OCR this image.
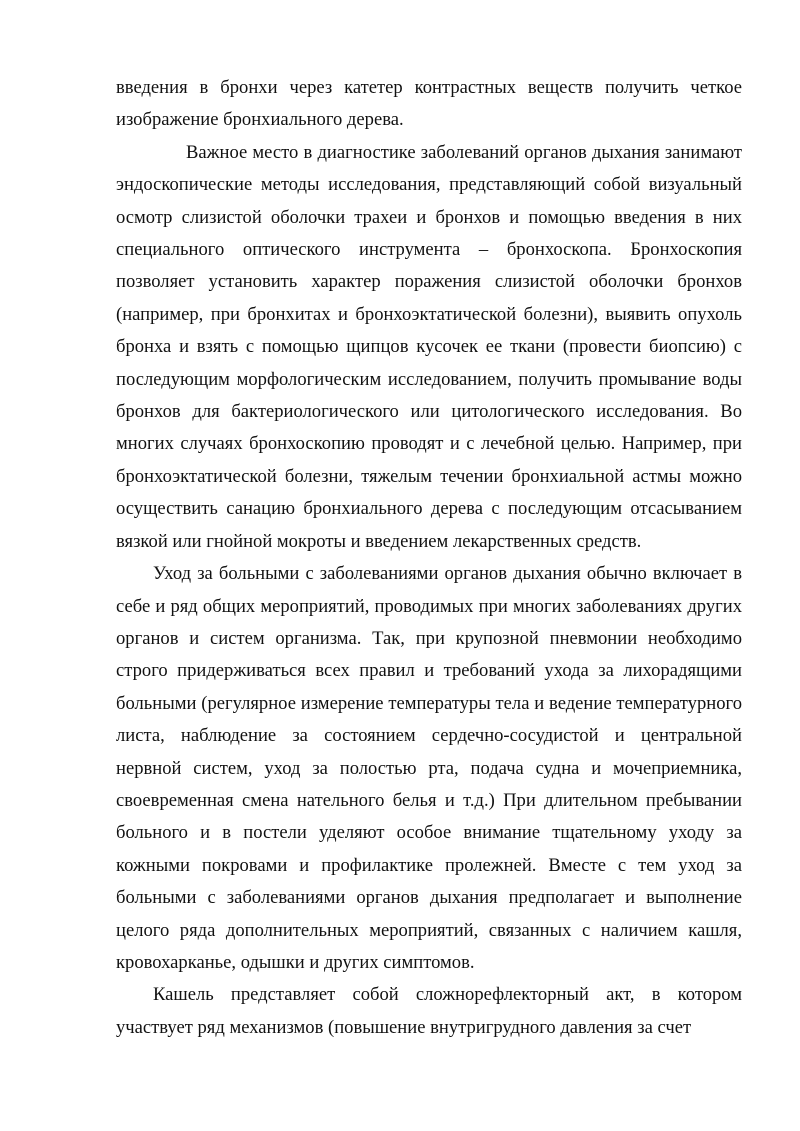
введения в бронхи через катетер контрастных веществ получить четкое изображение бронхиального дерева.

Важное место в диагностике заболеваний органов дыхания занимают эндоскопические методы исследования, представляющий собой визуальный осмотр слизистой оболочки трахеи и бронхов и помощью введения в них специального оптического инструмента – бронхоскопа. Бронхоскопия позволяет установить характер поражения слизистой оболочки бронхов (например, при бронхитах и бронхоэктатической болезни), выявить опухоль бронха и взять с помощью щипцов кусочек ее ткани (провести биопсию) с последующим морфологическим исследованием, получить промывание воды бронхов для бактериологического или цитологического исследования. Во многих случаях бронхоскопию проводят и с лечебной целью. Например, при бронхоэктатической болезни, тяжелым течении бронхиальной астмы можно осуществить санацию бронхиального дерева с последующим отсасыванием вязкой или гнойной мокроты и введением лекарственных средств.

Уход за больными с заболеваниями органов дыхания обычно включает в себе и ряд общих мероприятий, проводимых при многих заболеваниях других органов и систем организма. Так, при крупозной пневмонии необходимо строго придерживаться всех правил и требований ухода за лихорадящими больными (регулярное измерение температуры тела и ведение температурного листа, наблюдение за состоянием сердечно-сосудистой и центральной нервной систем, уход за полостью рта, подача судна и мочеприемника, своевременная смена нательного белья и т.д.) При длительном пребывании больного и в постели уделяют особое внимание тщательному уходу за кожными покровами и профилактике пролежней. Вместе с тем уход за больными с заболеваниями органов дыхания предполагает и выполнение целого ряда дополнительных мероприятий, связанных с наличием кашля, кровохарканье, одышки и других симптомов.

Кашель представляет собой сложнорефлекторный акт, в котором участвует ряд механизмов (повышение внутригрудного давления за счет
